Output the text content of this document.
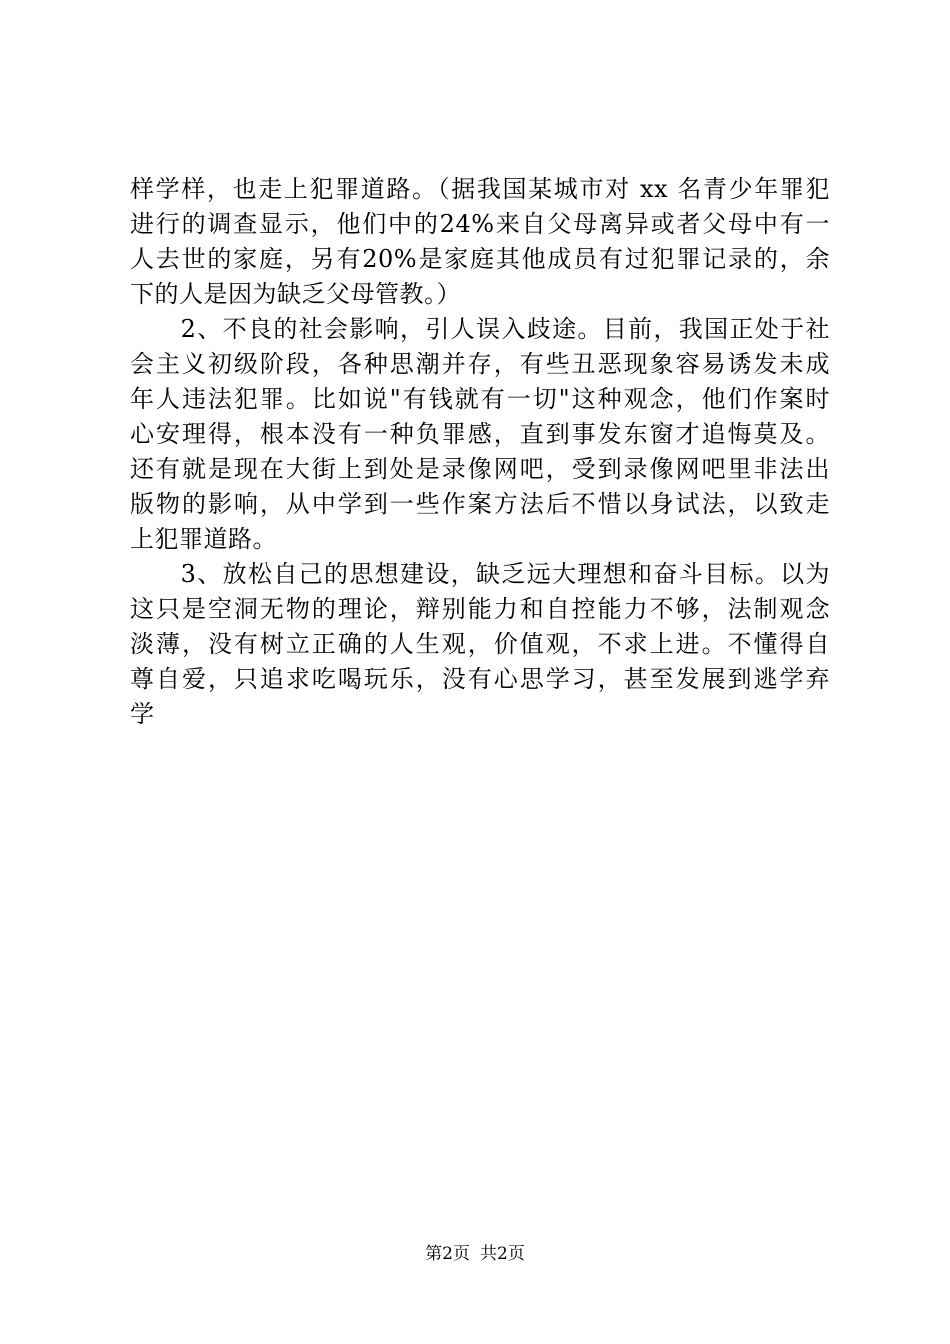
样学样，也走上犯罪道路。（据我国某城市对 xx 名青少年罪犯
进行的调查显示，他们中的24%来自父母离异或者父母中有一
人去世的家庭，另有20%是家庭其他成员有过犯罪记录的，余
下的人是因为缺乏父母管教。）
　　2、不良的社会影响，引人误入歧途。目前，我国正处于社
会主义初级阶段，各种思潮并存，有些丑恶现象容易诱发未成
年人违法犯罪。比如说"有钱就有一切"这种观念，他们作案时
心安理得，根本没有一种负罪感，直到事发东窗才追悔莫及。
还有就是现在大街上到处是录像网吧，受到录像网吧里非法出
版物的影响，从中学到一些作案方法后不惜以身试法，以致走
上犯罪道路。
　　3、放松自己的思想建设，缺乏远大理想和奋斗目标。以为
这只是空洞无物的理论，辩别能力和自控能力不够，法制观念
淡薄，没有树立正确的人生观，价值观，不求上进。不懂得自
尊自爱，只追求吃喝玩乐，没有心思学习，甚至发展到逃学弃
学
第2页 共2页
